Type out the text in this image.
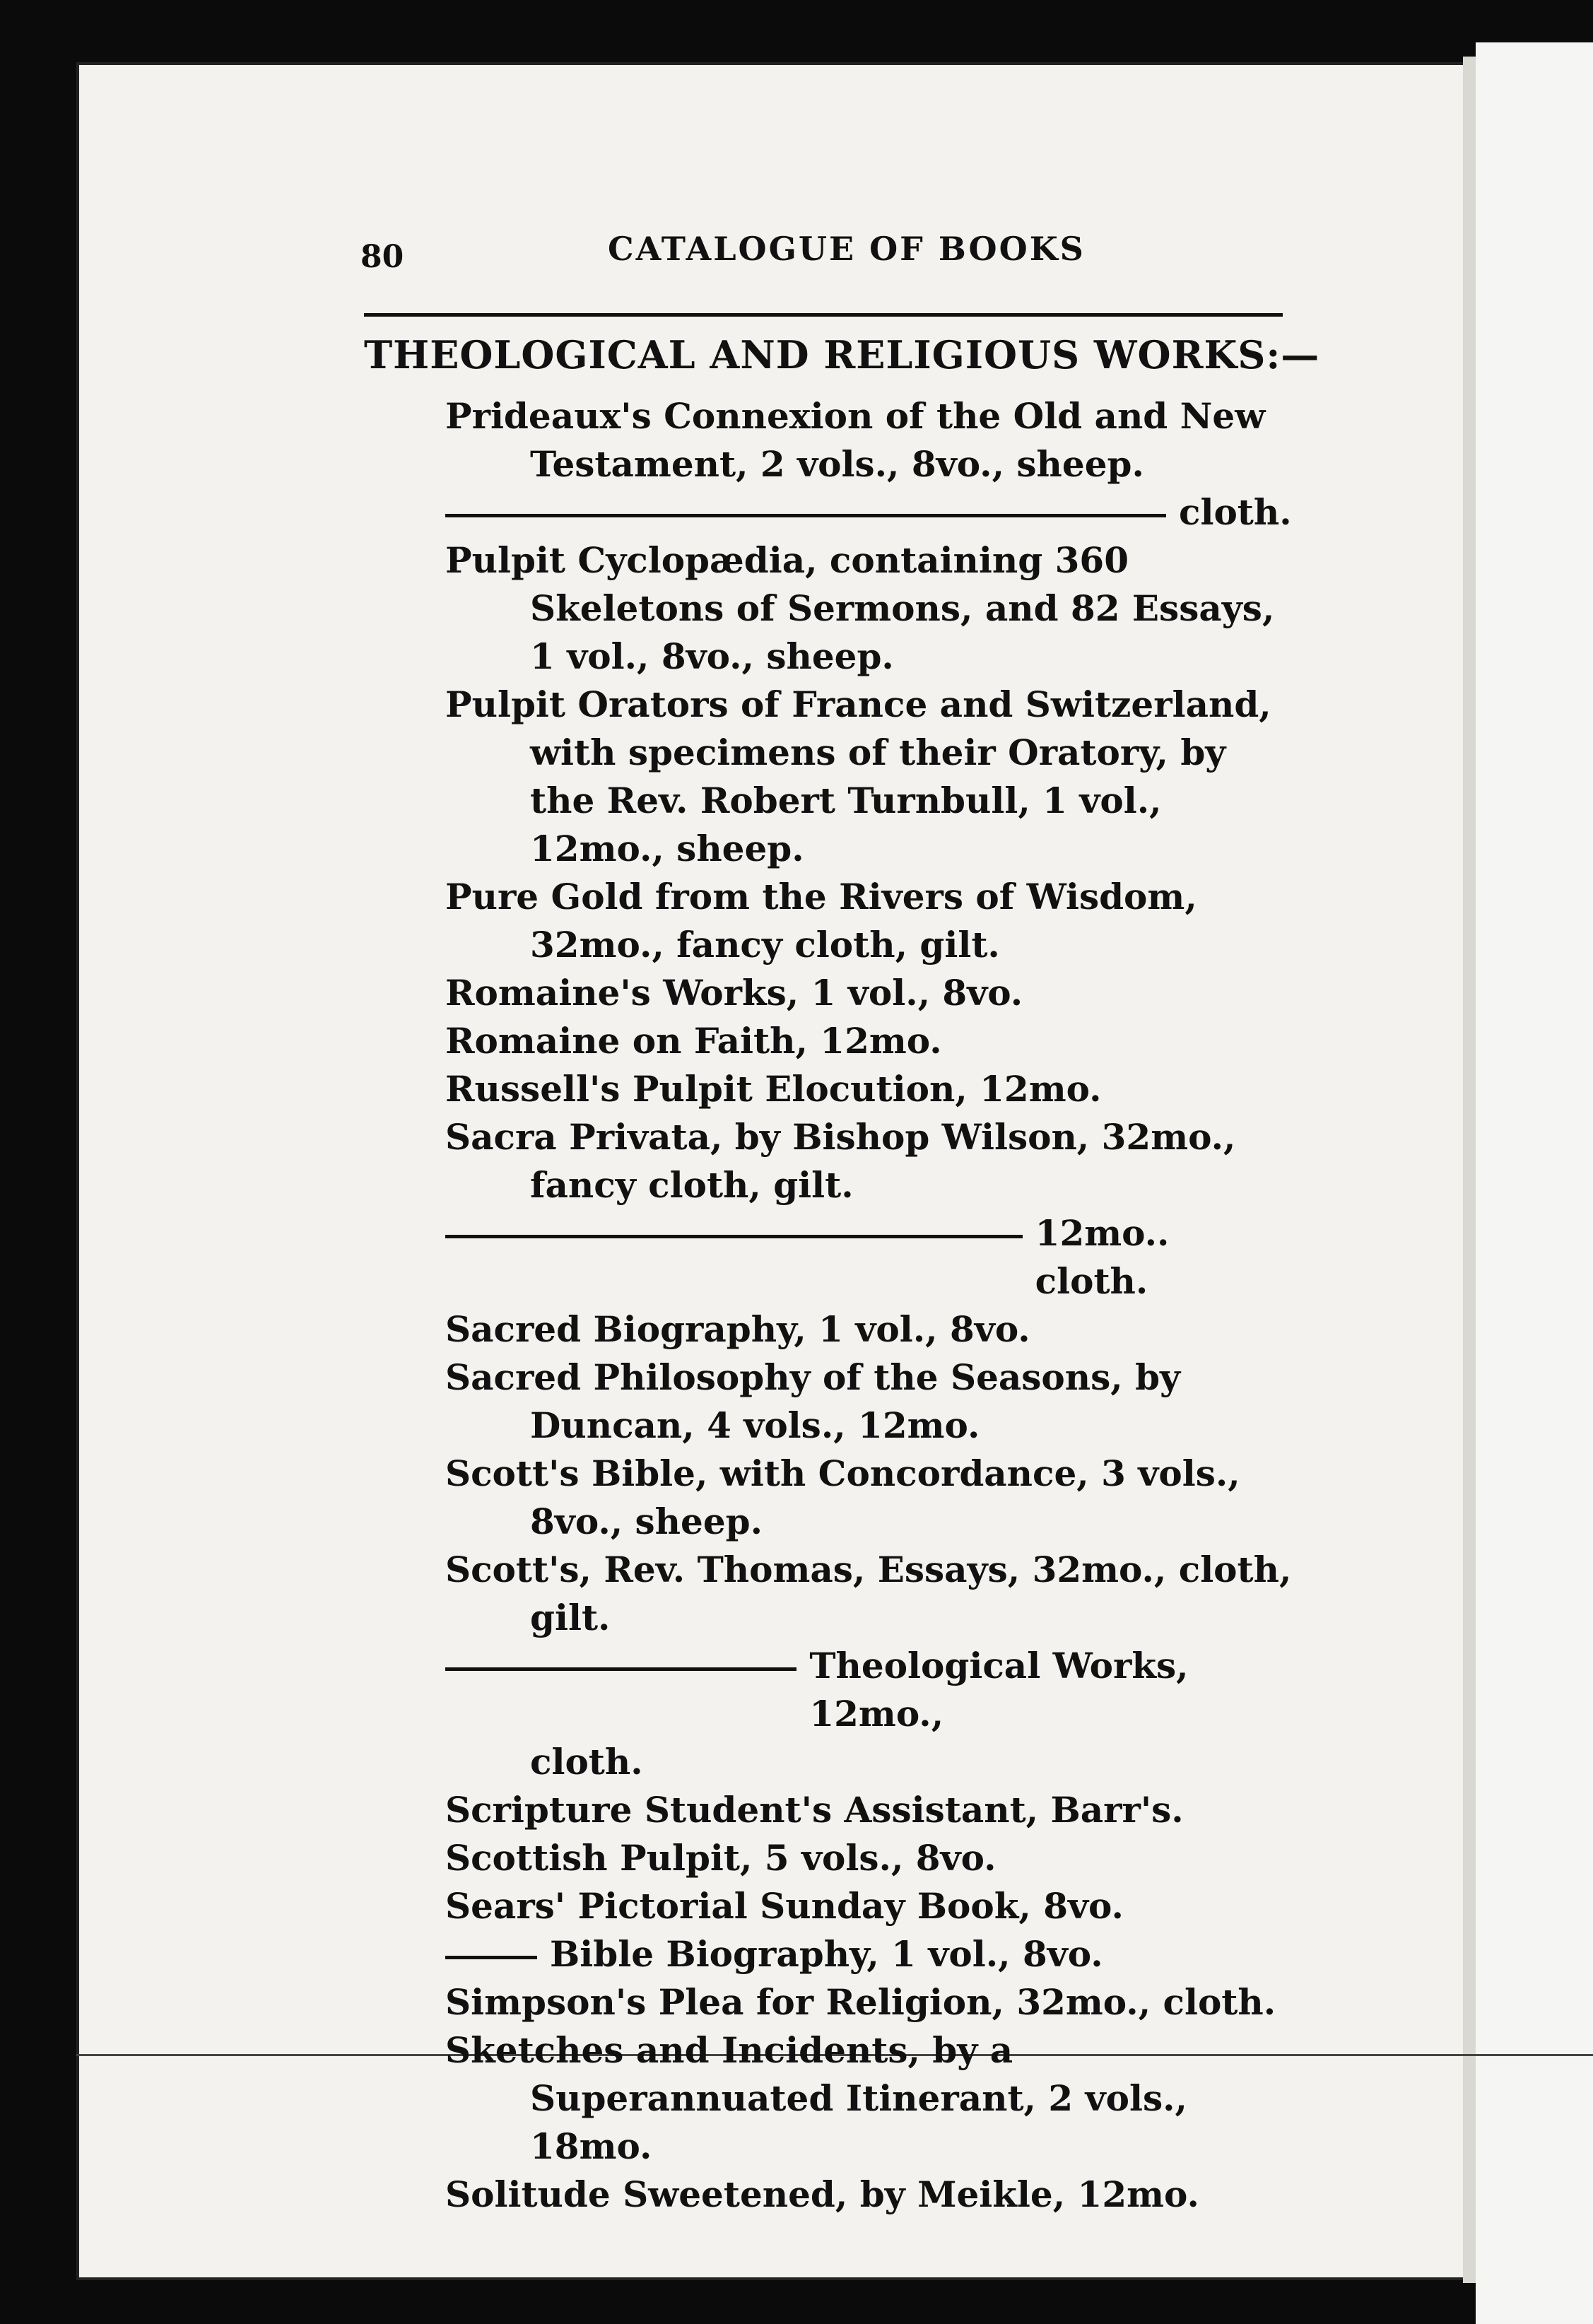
80	CATALOGUE OF BOOKS
THEOLOGICAL AND RELIGIOUS WORKS:—

Prideaux's Connexion of the Old and New Testament, 2 vols., 8vo., sheep.

cloth.

Pulpit Cyclopædia, containing 360 Skeletons of Sermons, and 82 Essays, 1 vol., 8vo., sheep.

Pulpit Orators of France and Switzerland, with specimens of their Oratory, by the Rev. Robert Turnbull, 1 vol., 12mo., sheep.

Pure Gold from the Rivers of Wisdom, 32mo., fancy cloth, gilt.

Romaine's Works, 1 vol., 8vo.

Romaine on Faith, 12mo.

Russell's Pulpit Elocution, 12mo.

Sacra Privata, by Bishop Wilson, 32mo., fancy cloth, gilt.

12mo.. cloth.

Sacred Biography, 1 vol., 8vo.

Sacred Philosophy of the Seasons, by Duncan, 4 vols., 12mo.

Scott's Bible, with Concordance, 3 vols., 8vo., sheep.

Scott's, Rev. Thomas, Essays, 32mo., cloth, gilt.

Theological Works, 12mo.,
cloth.

Scripture Student's Assistant, Barr's.

Scottish Pulpit, 5 vols., 8vo.

Sears' Pictorial Sunday Book, 8vo.

Bible Biography, 1 vol., 8vo.

Simpson's Plea for Religion, 32mo., cloth.

Sketches and Incidents, by a Superannuated Itinerant, 2 vols., 18mo.

Solitude Sweetened, by Meikle, 12mo.
